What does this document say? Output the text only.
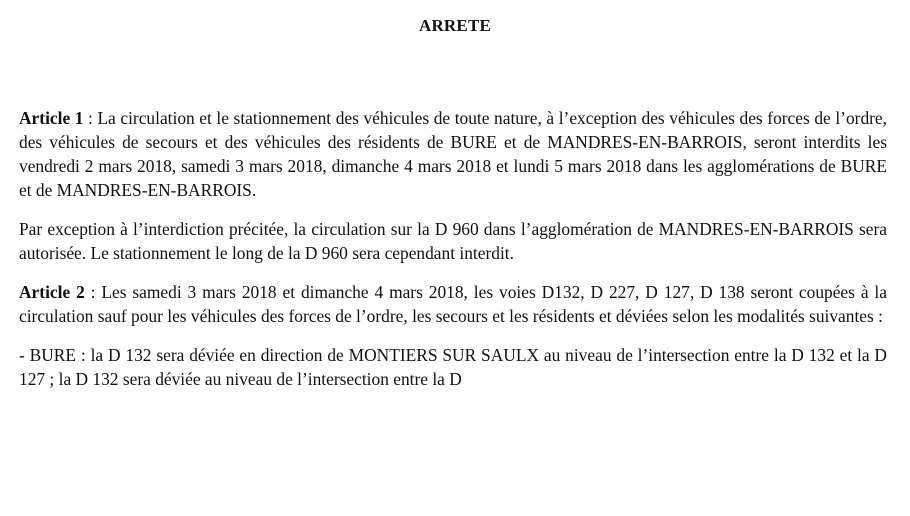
ARRETE

Article 1 : La circulation et le stationnement des véhicules de toute nature, à l’exception des véhicules des forces de l’ordre, des véhicules de secours et des véhicules des résidents de BURE et de MANDRES-EN-BARROIS, seront interdits les vendredi 2 mars 2018, samedi 3 mars 2018, dimanche 4 mars 2018 et lundi 5 mars 2018 dans les agglomérations de BURE et de MANDRES-EN-BARROIS.

Par exception à l’interdiction précitée, la circulation sur la D 960 dans l’agglomération de MANDRES-EN-BARROIS sera autorisée. Le stationnement le long de la D 960 sera cependant interdit.

Article 2 : Les samedi 3 mars 2018 et dimanche 4 mars 2018, les voies D132, D 227, D 127, D 138 seront coupées à la circulation sauf pour les véhicules des forces de l’ordre, les secours et les résidents et déviées selon les modalités suivantes :

- BURE : la D 132 sera déviée en direction de MONTIERS SUR SAULX au niveau de l’intersection entre la D 132 et la D 127 ; la D 132 sera déviée au niveau de l’intersection entre la D
